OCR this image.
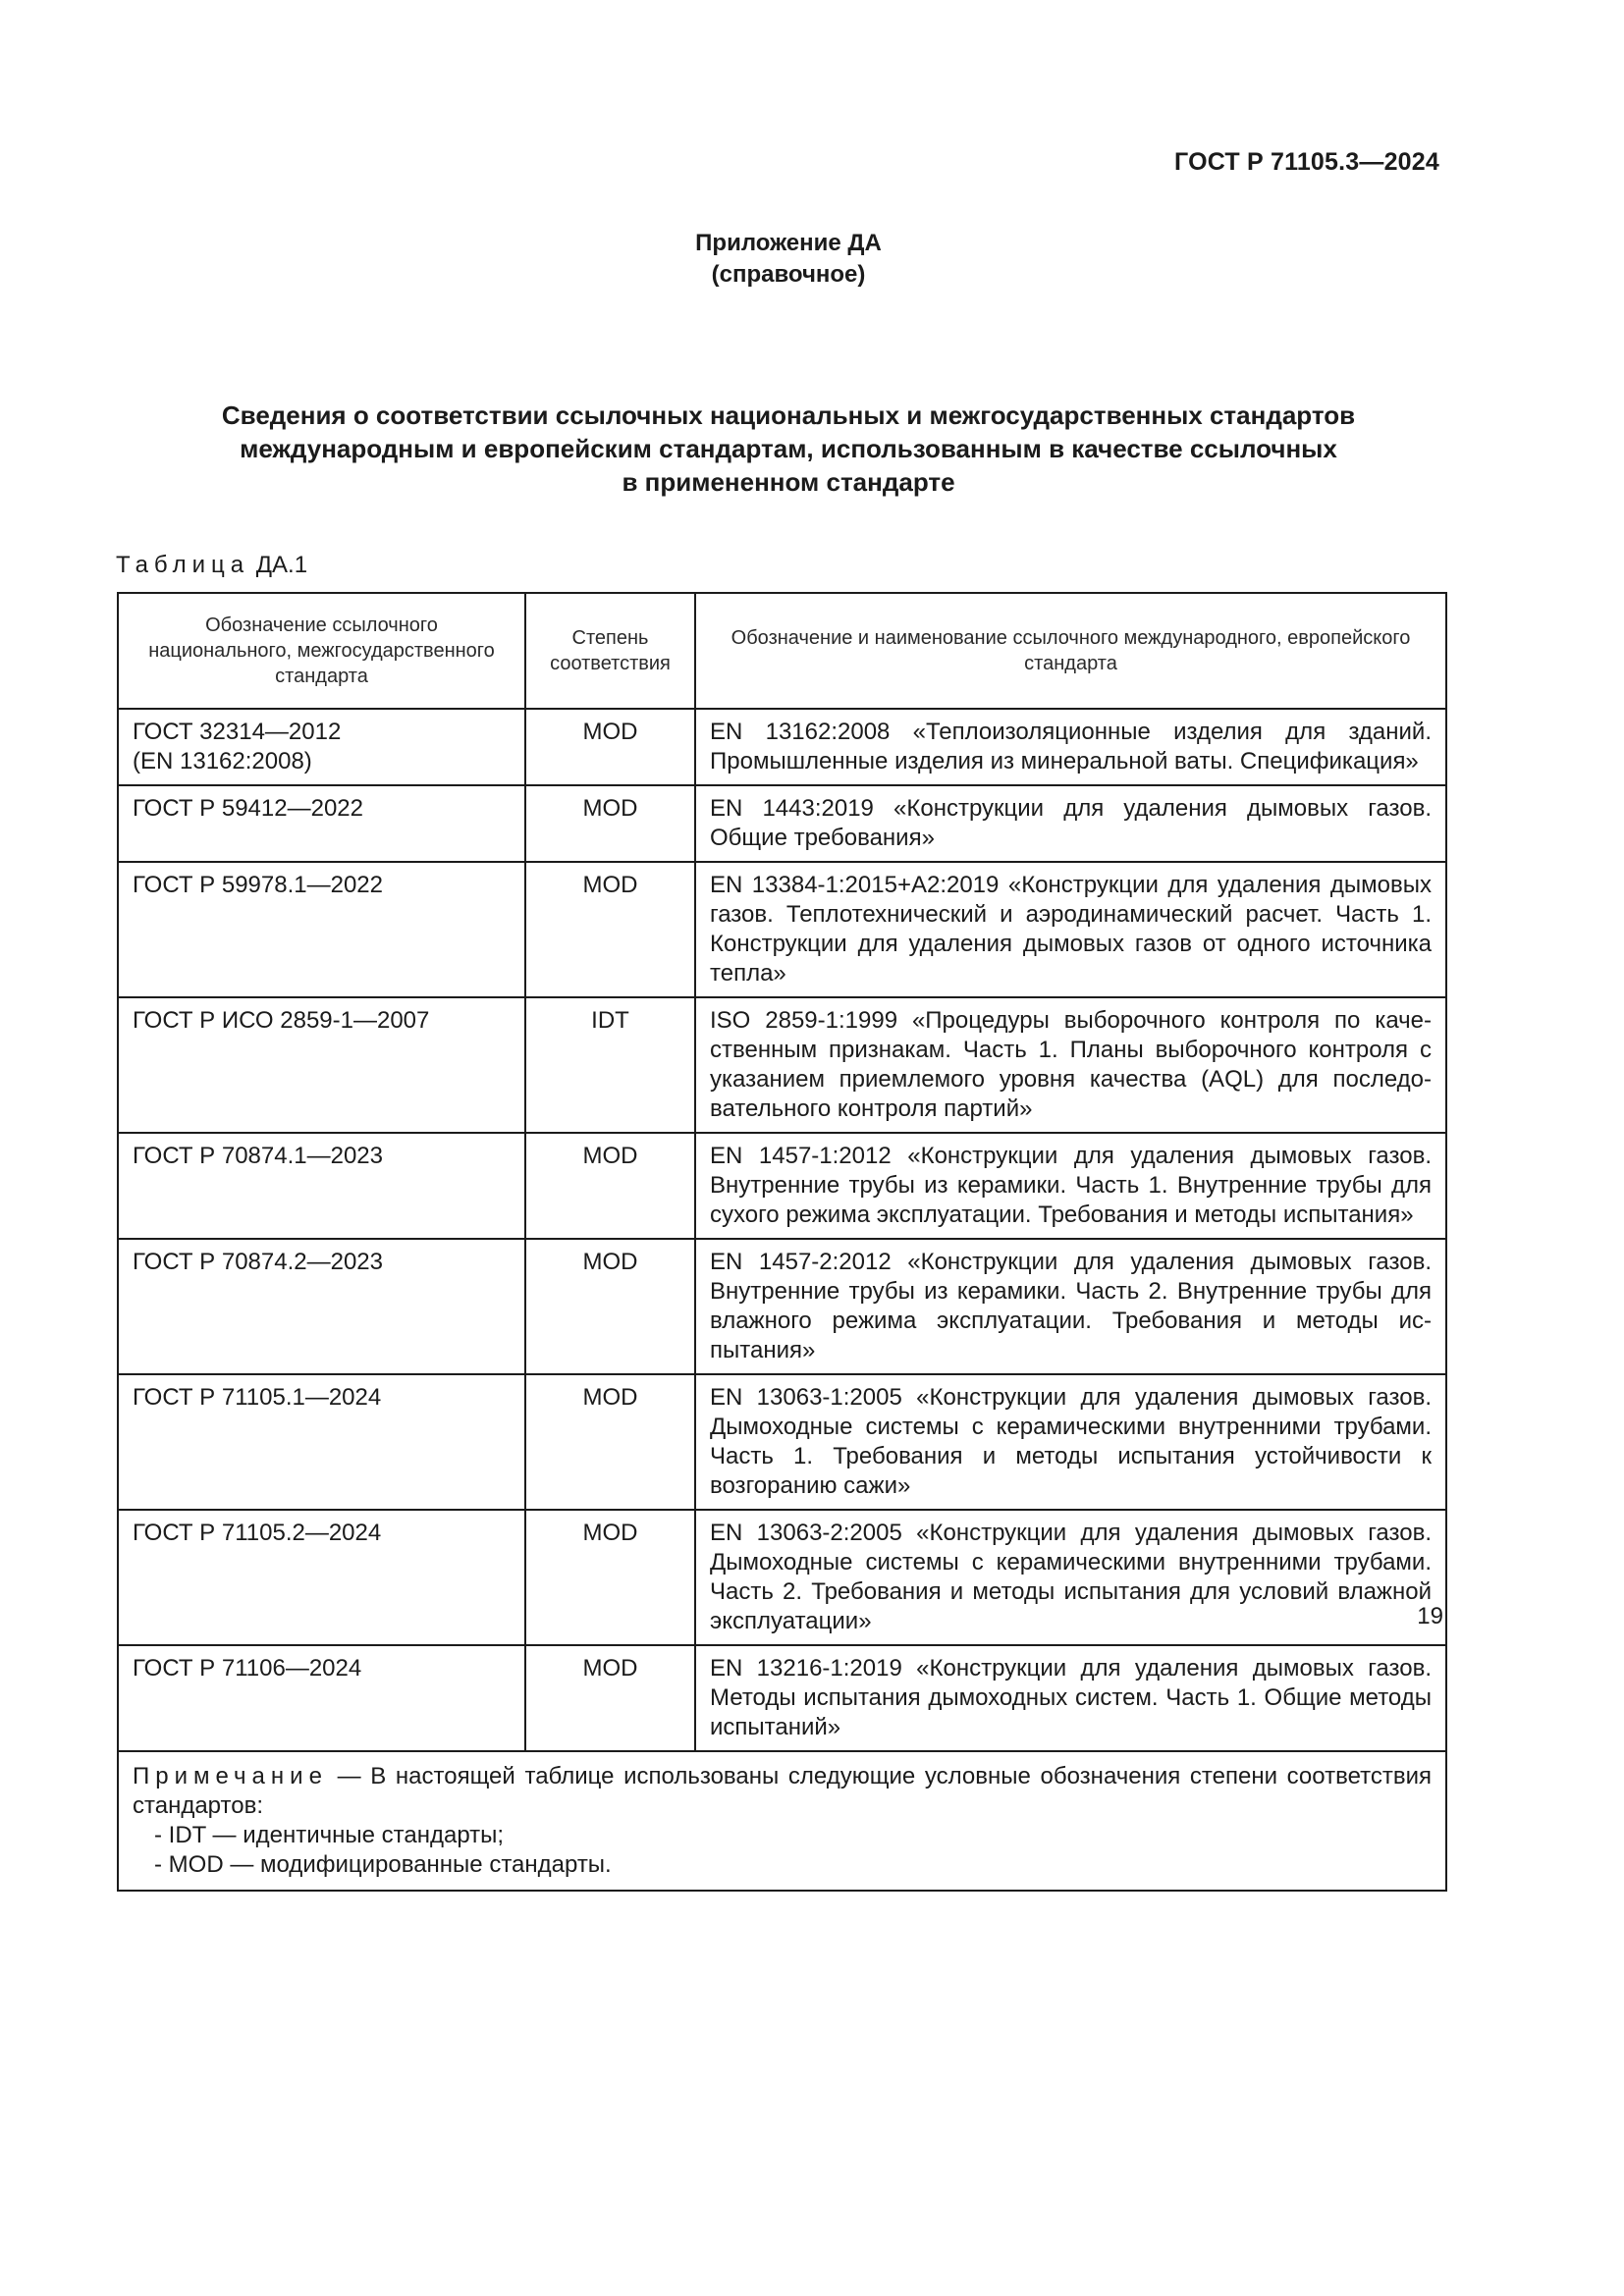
ГОСТ Р 71105.3—2024
Приложение ДА
(справочное)
Сведения о соответствии ссылочных национальных и межгосударственных стандартов
международным и европейским стандартам, использованным в качестве ссылочных
в примененном стандарте
Таблица ДА.1
Обозначение ссылочного национального, межгосударственного стандарта	Степень соответствия	Обозначение и наименование ссылочного международного, европейского стандарта

ГОСТ 32314—2012
(EN 13162:2008)	MOD	EN 13162:2008 «Теплоизоляционные изделия для зданий. Промышленные изделия из минеральной ваты. Спецификация»

ГОСТ Р 59412—2022	MOD	EN 1443:2019 «Конструкции для удаления дымовых газов. Общие требования»

ГОСТ Р 59978.1—2022	MOD	EN 13384-1:2015+A2:2019 «Конструкции для удаления дымовых газов. Теплотехнический и аэродинамический расчет. Часть 1. Конструкции для удаления дымовых газов от одного источника тепла»

ГОСТ Р ИСО 2859-1—2007	IDT	ISO 2859-1:1999 «Процедуры выборочного контроля по качественным признакам. Часть 1. Планы выборочного контроля с указанием приемлемого уровня качества (AQL) для последовательного контроля партий»

ГОСТ Р 70874.1—2023	MOD	EN 1457-1:2012 «Конструкции для удаления дымовых газов. Внутренние трубы из керамики. Часть 1. Внутренние трубы для сухого режима эксплуатации. Требования и методы испытания»

ГОСТ Р 70874.2—2023	MOD	EN 1457-2:2012 «Конструкции для удаления дымовых газов. Внутренние трубы из керамики. Часть 2. Внутренние трубы для влажного режима эксплуатации. Требования и методы испытания»

ГОСТ Р 71105.1—2024	MOD	EN 13063-1:2005 «Конструкции для удаления дымовых газов. Дымоходные системы с керамическими внутренними трубами. Часть 1. Требования и методы испытания устойчивости к возгоранию сажи»

ГОСТ Р 71105.2—2024	MOD	EN 13063-2:2005 «Конструкции для удаления дымовых газов. Дымоходные системы с керамическими внутренними трубами. Часть 2. Требования и методы испытания для условий влажной эксплуатации»

ГОСТ Р 71106—2024	MOD	EN 13216-1:2019 «Конструкции для удаления дымовых газов. Методы испытания дымоходных систем. Часть 1. Общие методы испытаний»

Примечание — В настоящей таблице использованы следующие условные обозначения степени соответствия стандартов:
- IDT — идентичные стандарты;
- MOD — модифицированные стандарты.		
19
